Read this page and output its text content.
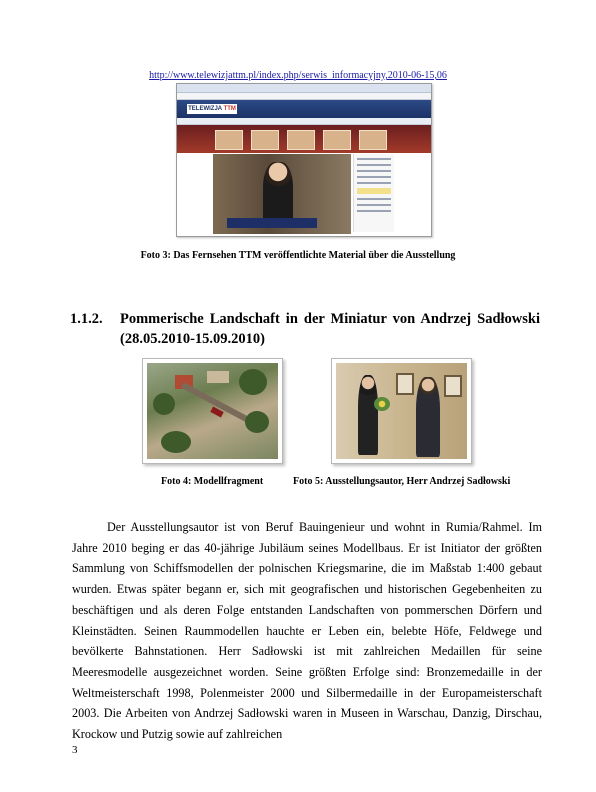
http://www.telewizjattm.pl/index.php/serwis_informacyjny,2010-06-15,06
TELEWIZJA TTM
Foto 3: Das Fernsehen TTM veröffentlichte Material über die Ausstellung
1.1.2. Pommerische Landschaft in der Miniatur von Andrzej Sadłowski
(28.05.2010-15.09.2010)
Foto 4: Modellfragment	Foto 5: Ausstellungsautor, Herr Andrzej Sadłowski

Der Ausstellungsautor ist von Beruf Bauingenieur und wohnt in Rumia/Rahmel. Im Jahre 2010 beging er das 40-jährige Jubiläum seines Modellbaus. Er ist Initiator der größten Sammlung von Schiffsmodellen der polnischen Kriegsmarine, die im Maßstab 1:400 gebaut wurden. Etwas später begann er, sich mit geografischen und historischen Gegebenheiten zu beschäftigen und als deren Folge entstanden Landschaften von pommerschen Dörfern und Kleinstädten. Seinen Raummodellen hauchte er Leben ein, belebte Höfe, Feldwege und bevölkerte Bahnstationen. Herr Sadłowski ist mit zahlreichen Medaillen für seine Meeresmodelle ausgezeichnet worden. Seine größten Erfolge sind: Bronzemedaille in der Weltmeisterschaft 1998, Polenmeister 2000 und Silbermedaille in der Europameisterschaft 2003. Die Arbeiten von Andrzej Sadłowski waren in Museen in Warschau, Danzig, Dirschau, Krockow und Putzig sowie auf zahlreichen

3
